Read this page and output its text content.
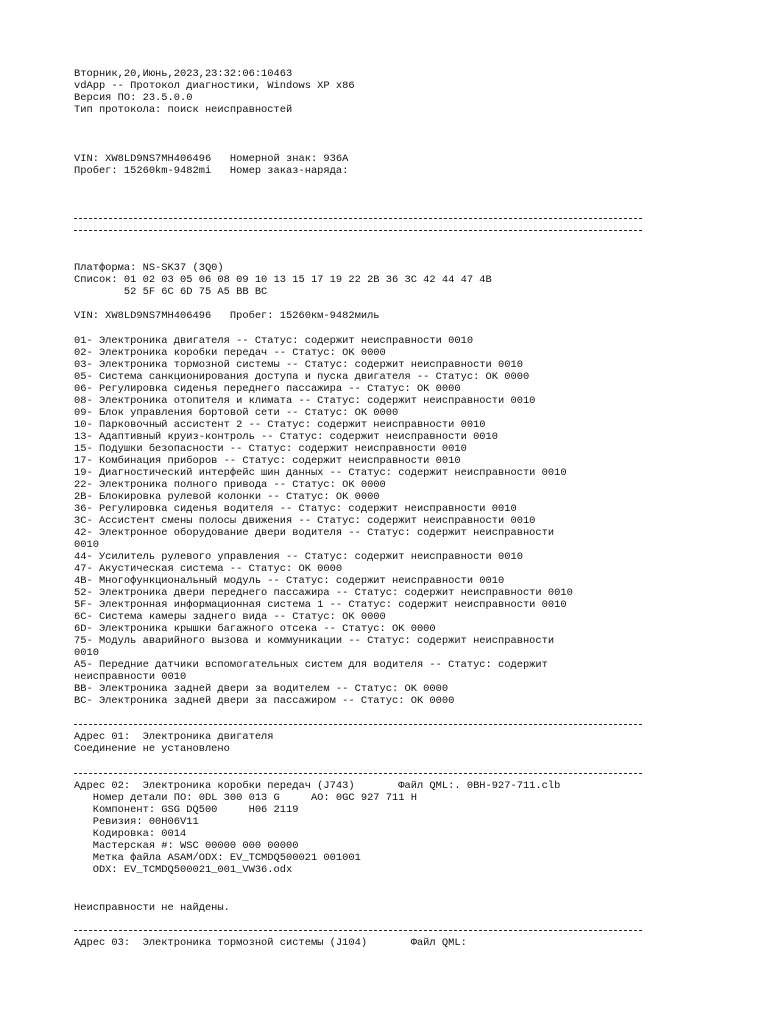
Вторник,20,Июнь,2023,23:32:06:10463
vdApp -- Протокол диагностики, Windows XP x86
Версия ПО: 23.5.0.0
Тип протокола: поиск неисправностей
VIN: XW8LD9NS7MH406496   Номерной знак: 936A
Пробег: 15260km-9482mi   Номер заказ-наряда:
Платформа: NS-SK37 (3Q0)
Список: 01 02 03 05 06 08 09 10 13 15 17 19 22 2B 36 3C 42 44 47 4B
52 5F 6C 6D 75 A5 BB BC
VIN: XW8LD9NS7MH406496   Пробег: 15260км-9482миль
01- Электроника двигателя -- Статус: содержит неисправности 0010
02- Электроника коробки передач -- Статус: OK 0000
03- Электроника тормозной системы -- Статус: содержит неисправности 0010
05- Система санкционирования доступа и пуска двигателя -- Статус: OK 0000
06- Регулировка сиденья переднего пассажира -- Статус: OK 0000
08- Электроника отопителя и климата -- Статус: содержит неисправности 0010
09- Блок управления бортовой сети -- Статус: OK 0000
10- Парковочный ассистент 2 -- Статус: содержит неисправности 0010
13- Адаптивный круиз-контроль -- Статус: содержит неисправности 0010
15- Подушки безопасности -- Статус: содержит неисправности 0010
17- Комбинация приборов -- Статус: содержит неисправности 0010
19- Диагностический интерфейс шин данных -- Статус: содержит неисправности 0010
22- Электроника полного привода -- Статус: OK 0000
2B- Блокировка рулевой колонки -- Статус: OK 0000
36- Регулировка сиденья водителя -- Статус: содержит неисправности 0010
3C- Ассистент смены полосы движения -- Статус: содержит неисправности 0010
42- Электронное оборудование двери водителя -- Статус: содержит неисправности
0010
44- Усилитель рулевого управления -- Статус: содержит неисправности 0010
47- Акустическая система -- Статус: OK 0000
4B- Многофункциональный модуль -- Статус: содержит неисправности 0010
52- Электроника двери переднего пассажира -- Статус: содержит неисправности 0010
5F- Электронная информационная система 1 -- Статус: содержит неисправности 0010
6C- Система камеры заднего вида -- Статус: OK 0000
6D- Электроника крышки багажного отсека -- Статус: OK 0000
75- Модуль аварийного вызова и коммуникации -- Статус: содержит неисправности
0010
A5- Передние датчики вспомогательных систем для водителя -- Статус: содержит
неисправности 0010
BB- Электроника задней двери за водителем -- Статус: OK 0000
BC- Электроника задней двери за пассажиром -- Статус: OK 0000
Адрес 01:  Электроника двигателя
Соединение не установлено
Адрес 02:  Электроника коробки передач (J743)       Файл QML:. 0BH-927-711.clb
Номер детали ПО: 0DL 300 013 G     AO: 0GC 927 711 H
Компонент: GSG DQ500     H06 2119
Ревизия: 00H06V11
Кодировка: 0014
Мастерская #: WSC 00000 000 00000
Метка файла ASAM/ODX: EV_TCMDQ500021 001001
ODX: EV_TCMDQ500021_001_VW36.odx
Неисправности не найдены.
Адрес 03:  Электроника тормозной системы (J104)       Файл QML:
